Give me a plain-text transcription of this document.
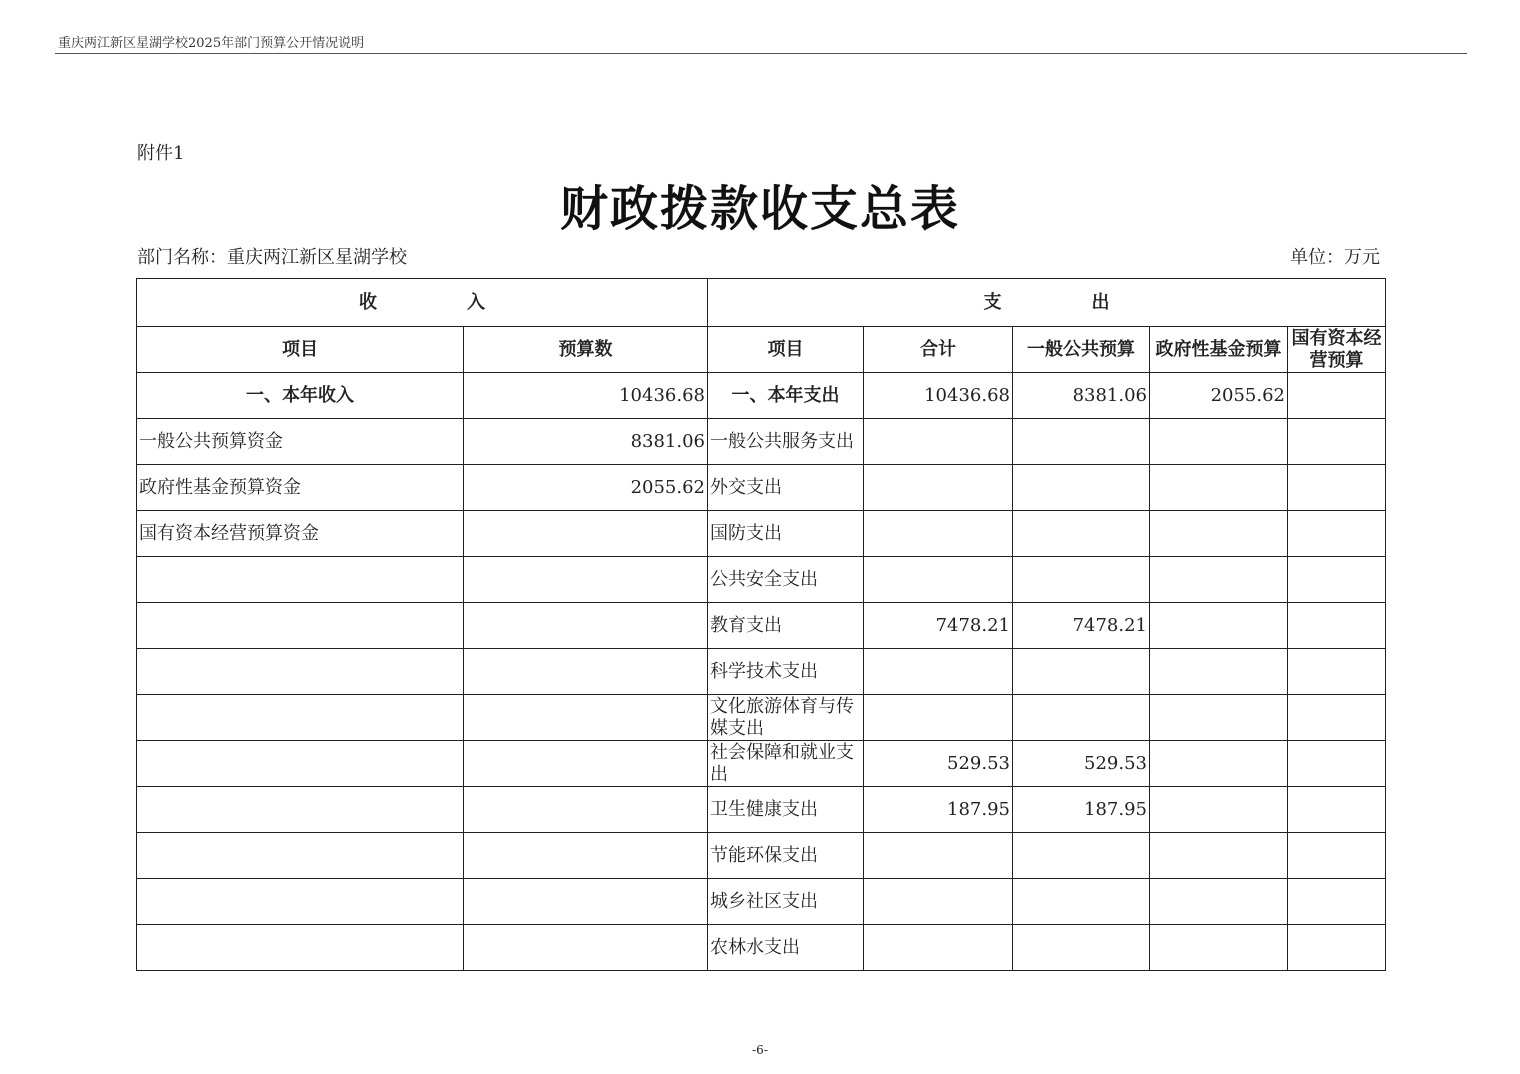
重庆两江新区星湖学校2025年部门预算公开情况说明
附件1
财政拨款收支总表
部门名称：重庆两江新区星湖学校	单位：万元
收　　　　　入		支　　　　　出				
项目	预算数	项目	合计	一般公共预算	政府性基金预算	国有资本经营预算
一、本年收入	10436.68	一、本年支出	10436.68	8381.06	2055.62	
一般公共预算资金	8381.06	一般公共服务支出				
政府性基金预算资金	2055.62	外交支出				
国有资本经营预算资金		国防支出				
		公共安全支出				
		教育支出	7478.21	7478.21		
		科学技术支出				
		文化旅游体育与传媒支出				
		社会保障和就业支出	529.53	529.53		
		卫生健康支出	187.95	187.95		
		节能环保支出				
		城乡社区支出				
		农林水支出				
-6-
